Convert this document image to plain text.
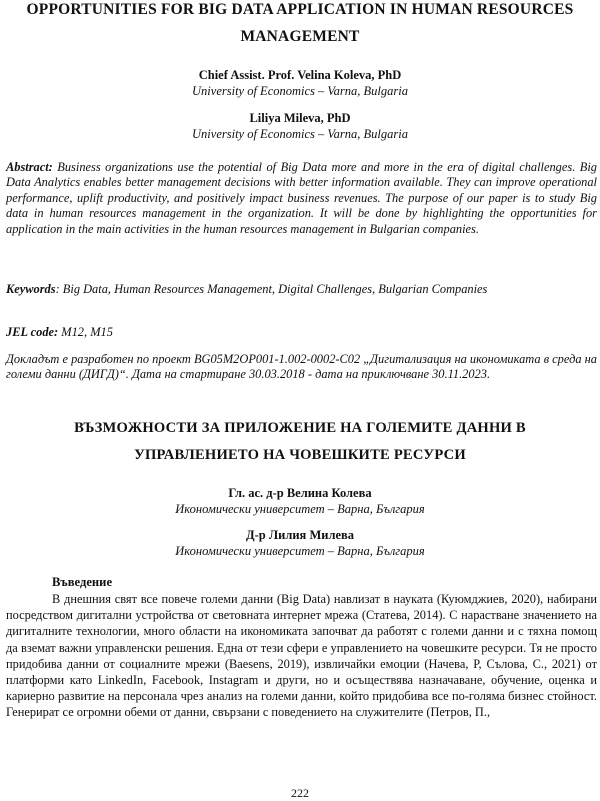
OPPORTUNITIES FOR BIG DATA APPLICATION IN HUMAN RESOURCES MANAGEMENT
Chief Assist. Prof. Velina Koleva, PhD
University of Economics – Varna, Bulgaria
Liliya Mileva, PhD
University of Economics – Varna, Bulgaria
Abstract: Business organizations use the potential of Big Data more and more in the era of digital challenges. Big Data Analytics enables better management decisions with better information available. They can improve operational performance, uplift productivity, and positively impact business revenues. The purpose of our paper is to study Big data in human resources management in the organization. It will be done by highlighting the opportunities for application in the main activities in the human resources management in Bulgarian companies.
Keywords: Big Data, Human Resources Management, Digital Challenges, Bulgarian Companies
JEL code: M12, M15
Докладът е разработен по проект BG05M2OP001-1.002-0002-C02 „Дигитализация на икономиката в среда на големи данни (ДИГД)“. Дата на стартиране 30.03.2018 - дата на приключване 30.11.2023.
ВЪЗМОЖНОСТИ ЗА ПРИЛОЖЕНИЕ НА ГОЛЕМИТЕ ДАННИ В УПРАВЛЕНИЕТО НА ЧОВЕШКИТЕ РЕСУРСИ
Гл. ас. д-р Велина Колева
Икономически университет – Варна, България
Д-р Лилия Милева
Икономически университет – Варна, България
Въведение

В днешния свят все повече големи данни (Big Data) навлизат в науката (Куюмджиев, 2020), набирани посредством дигитални устройства от световната интернет мрежа (Статева, 2014). С нарастване значението на дигиталните технологии, много области на икономиката започват да работят с големи данни и с тяхна помощ да вземат важни управленски решения. Една от тези сфери е управлението на човешките ресурси. Тя не просто придобива данни от социалните мрежи (Baesens, 2019), извличайки емоции (Начева, Р, Сълова, С., 2021) от платформи като LinkedIn, Facebook, Instagram и други, но и осъществява назначаване, обучение, оценка и кариерно развитие на персонала чрез анализ на големи данни, който придобива все по-голяма бизнес стойност. Генерират се огромни обеми от данни, свързани с поведението на служителите (Петров, П.,

222
